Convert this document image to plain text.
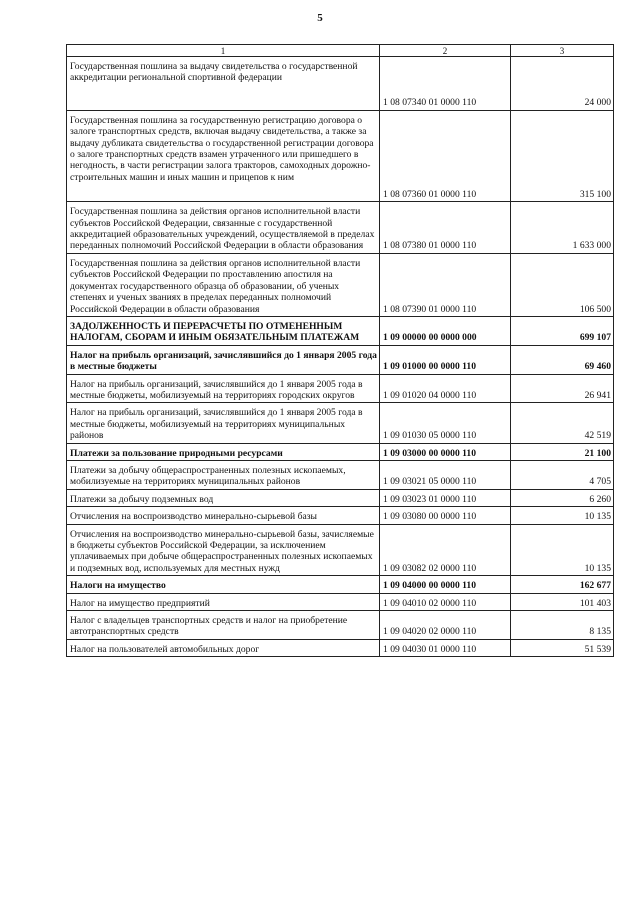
5
1	2	3
Государственная пошлина за выдачу свидетельства о государственной аккредитации региональной спортивной федерации	1 08 07340 01 0000 110	24 000
Государственная пошлина за государственную регистрацию договора о залоге транспортных средств, включая выдачу свидетельства, а также за выдачу дубликата свидетельства о государственной регистрации договора о залоге транспортных средств взамен утраченного или пришедшего в негодность, в части регистрации залога тракторов, самоходных дорожно-строительных машин и иных машин и прицепов к ним	1 08 07360 01 0000 110	315 100
Государственная пошлина за действия органов исполнительной власти субъектов Российской Федерации, связанные с государственной аккредитацией образовательных учреждений, осуществляемой в пределах переданных полномочий Российской Федерации в области образования	1 08 07380 01 0000 110	1 633 000
Государственная пошлина за действия органов исполнительной власти субъектов Российской Федерации по проставлению апостиля на документах государственного образца об образовании, об ученых степенях и ученых званиях в пределах переданных полномочий Российской Федерации в области образования	1 08 07390 01 0000 110	106 500
ЗАДОЛЖЕННОСТЬ И ПЕРЕРАСЧЕТЫ ПО ОТМЕНЕННЫМ НАЛОГАМ, СБОРАМ И ИНЫМ ОБЯЗАТЕЛЬНЫМ ПЛАТЕЖАМ	1 09 00000 00 0000 000	699 107
Налог на прибыль организаций, зачислявшийся до 1 января 2005 года в местные бюджеты	1 09 01000 00 0000 110	69 460
Налог на прибыль организаций, зачислявшийся до 1 января 2005 года в местные бюджеты, мобилизуемый на территориях городских округов	1 09 01020 04 0000 110	26 941
Налог на прибыль организаций, зачислявшийся до 1 января 2005 года в местные бюджеты, мобилизуемый на территориях муниципальных районов	1 09 01030 05 0000 110	42 519
Платежи за пользование природными ресурсами	1 09 03000 00 0000 110	21 100
Платежи за добычу общераспространенных полезных ископаемых, мобилизуемые на территориях муниципальных районов	1 09 03021 05 0000 110	4 705
Платежи за добычу подземных вод	1 09 03023 01 0000 110	6 260
Отчисления на воспроизводство минерально-сырьевой базы	1 09 03080 00 0000 110	10 135
Отчисления на воспроизводство минерально-сырьевой базы, зачисляемые в бюджеты субъектов Российской Федерации, за исключением уплачиваемых при добыче общераспространенных полезных ископаемых и подземных вод, используемых для местных нужд	1 09 03082 02 0000 110	10 135
Налоги на имущество	1 09 04000 00 0000 110	162 677
Налог на имущество предприятий	1 09 04010 02 0000 110	101 403
Налог с владельцев транспортных средств и налог на приобретение автотранспортных средств	1 09 04020 02 0000 110	8 135
Налог на пользователей автомобильных дорог	1 09 04030 01 0000 110	51 539
